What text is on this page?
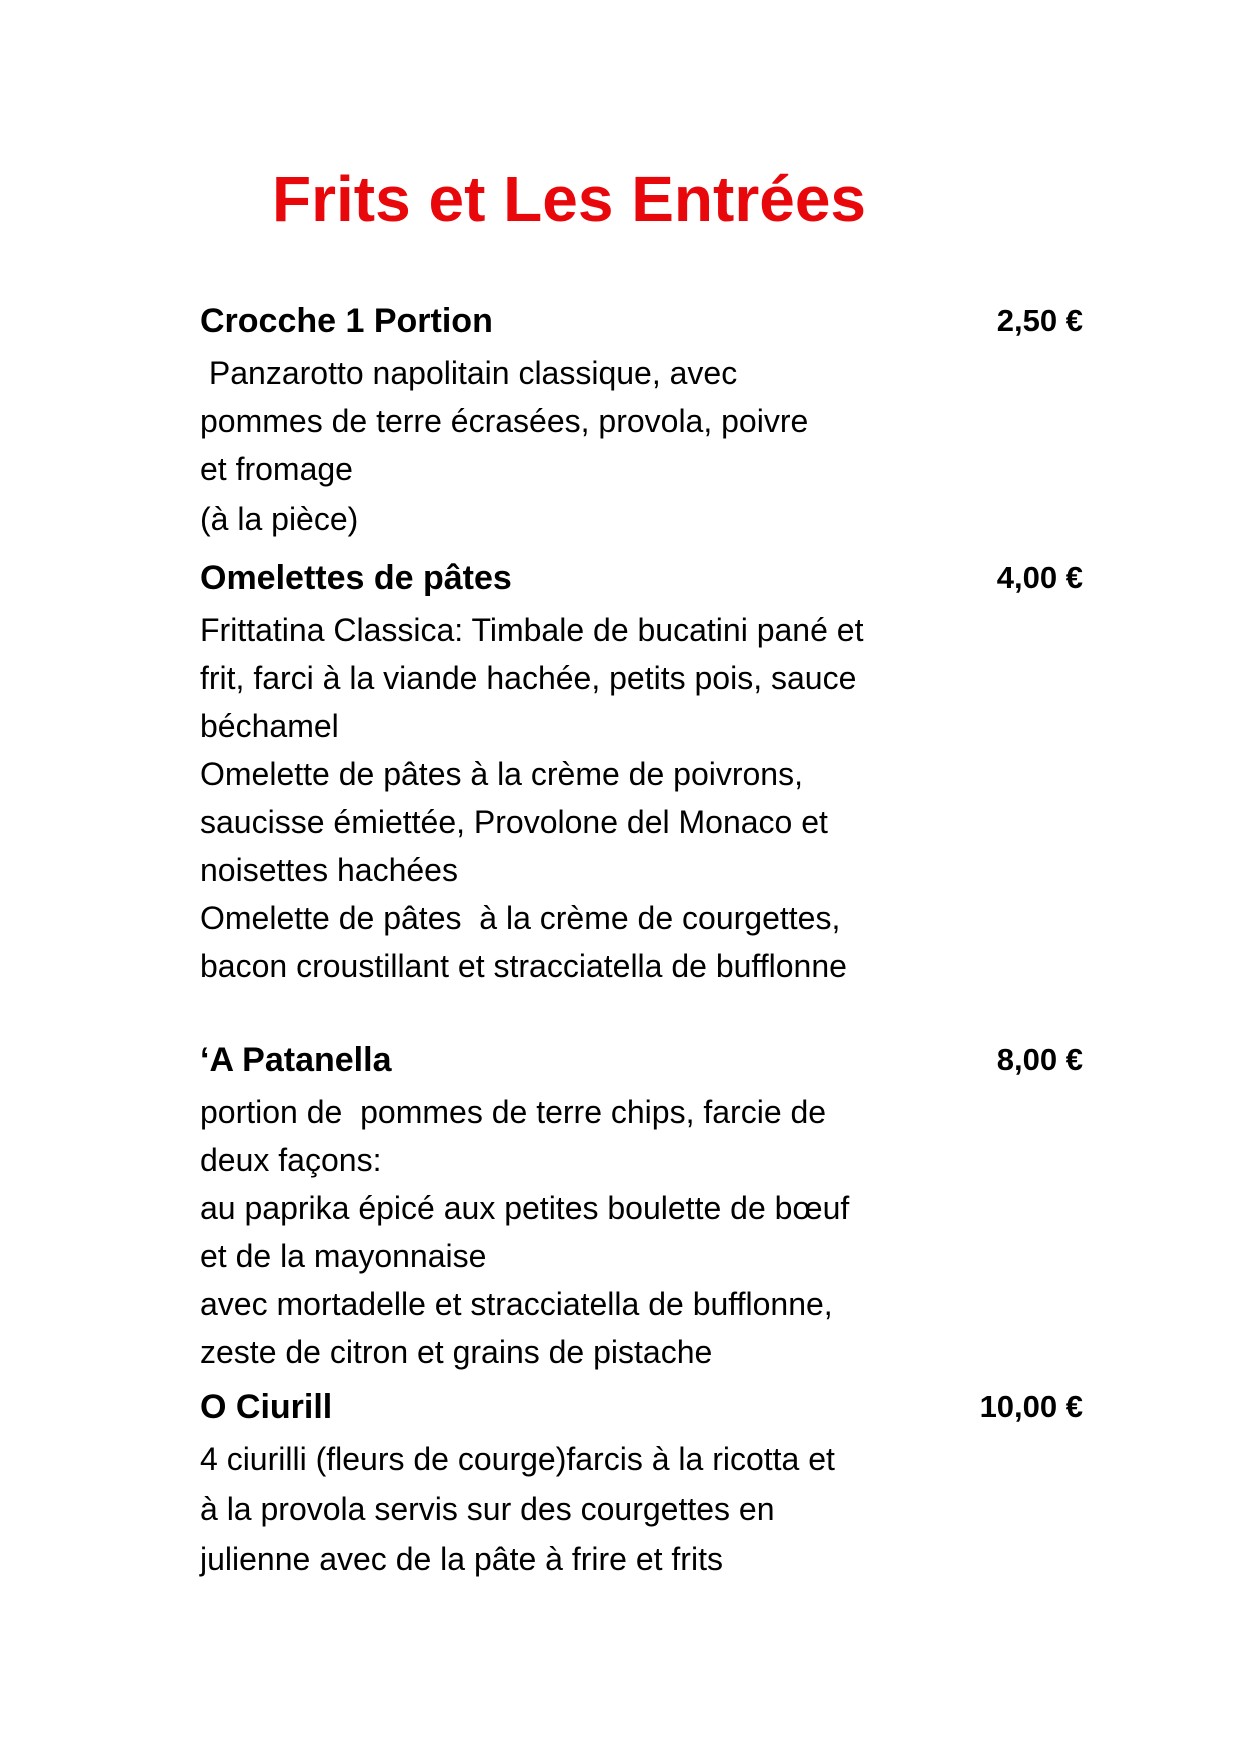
Frits et Les Entrées
Crocche 1 Portion	2,50 €
Panzarotto napolitain classique, avec
pommes de terre écrasées, provola, poivre
et fromage
(à la pièce)
Omelettes de pâtes	4,00 €
Frittatina Classica: Timbale de bucatini pané et
frit, farci à la viande hachée, petits pois, sauce
béchamel
Omelette de pâtes à la crème de poivrons,
saucisse émiettée, Provolone del Monaco et
noisettes hachées
Omelette de pâtes  à la crème de courgettes,
bacon croustillant et stracciatella de bufflonne
‘A Patanella	8,00 €
portion de  pommes de terre chips, farcie de
deux façons:
au paprika épicé aux petites boulette de bœuf
et de la mayonnaise
avec mortadelle et stracciatella de bufflonne,
zeste de citron et grains de pistache
O Ciurill	10,00 €
4 ciurilli (fleurs de courge)farcis à la ricotta et
à la provola servis sur des courgettes en
julienne avec de la pâte à frire et frits
